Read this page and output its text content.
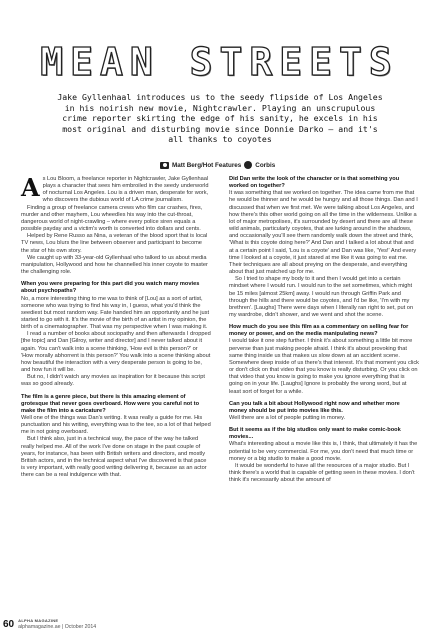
MEAN STREETS
Jake Gyllenhaal introduces us to the seedy flipside of Los Angeles
in his noirish new movie, Nightcrawler. Playing an unscrupulous
crime reporter skirting the edge of his sanity, he excels in his
most original and disturbing movie since Donnie Darko – and it's
all thanks to coyotes
Matt Berg/Hot Features Corbis

As Lou Bloom, a freelance reporter in Nightcrawler, Jake Gyllenhaal plays a character that sees him embroiled in the seedy underworld of nocturnal Los Angeles. Lou is a driven man, desperate for work, who discovers the dubious world of LA crime journalism.

Finding a group of freelance camera crews who film car crashes, fires, murder and other mayhem, Lou wheedles his way into the cut-throat, dangerous world of night-crawling – where every police siren equals a possible payday and a victim's worth is converted into dollars and cents.

Helped by Rene Russo as Nina, a veteran of the blood sport that is local TV news, Lou blurs the line between observer and participant to become the star of his own story.

We caught up with 33-year-old Gyllenhaal who talked to us about media manipulation, Hollywood and how he channelled his inner coyote to master the challenging role.

When you were preparing for this part did you watch many movies about psychopaths?

No, a more interesting thing to me was to think of [Lou] as a sort of artist, someone who was trying to find his way in, I guess, what you'd think the seediest but most random way. Fate handed him an opportunity and he just started to go with it. It's the movie of the birth of an artist in my opinion, the birth of a cinematographer. That was my perspective when I was making it.

I read a number of books about sociopathy and then afterwards I dropped [the topic] and Dan [Gilroy, writer and director] and I never talked about it again. You can't walk into a scene thinking, 'How evil is this person?' or 'How morally abhorrent is this person?' You walk into a scene thinking about how beautiful the interaction with a very desperate person is going to be, and how fun it will be.

But no, I didn't watch any movies as inspiration for it because this script was so good already.

The film is a genre piece, but there is this amazing element of grotesque that never goes overboard. How were you careful not to make the film into a caricature?

Well one of the things was Dan's writing. It was really a guide for me. His punctuation and his writing, everything was to the tee, so a lot of that helped me in not going overboard.

But I think also, just in a technical way, the pace of the way he talked really helped me. All of the work I've done on stage in the past couple of years, for instance, has been with British writers and directors, and mostly British actors, and in the technical aspect what I've discovered is that pace is very important, with really good writing delivering it, because as an actor there can be a real indulgence with that.

Did Dan write the look of the character or is that something you worked on together?

It was something that we worked on together. The idea came from me that he would be thinner and he would be hungry and all those things. Dan and I discussed that when we first met. We were talking about Los Angeles, and how there's this other world going on all the time in the wilderness. Unlike a lot of major metropolises, it's surrounded by desert and there are all these wild animals, particularly coyotes, that are lurking around in the shadows, and occasionally you'll see them randomly walk down the street and think, 'What is this coyote doing here?' And Dan and I talked a lot about that and at a certain point I said, 'Lou is a coyote' and Dan was like, 'Yes!' And every time I looked at a coyote, it just stared at me like it was going to eat me. Their techniques are all about preying on the desperate, and everything about that just matched up for me.

So I tried to shape my body to it and then I would get into a certain mindset where I would run. I would run to the set sometimes, which might be 15 miles [almost 25km] away. I would run through Griffin Park and through the hills and there would be coyotes, and I'd be like, 'I'm with my brethren'. [Laughs] There were days when I literally ran right to set, put on my wardrobe, didn't shower, and we went and shot the scene.

How much do you see this film as a commentary on selling fear for money or power, and on the media manipulating news?

I would take it one step further. I think it's about something a little bit more perverse than just making people afraid. I think it's about provoking that same thing inside us that makes us slow down at an accident scene. Somewhere deep inside of us there's that interest. It's that moment you click or don't click on that video that you know is really disturbing. Or you click on that video that you know is going to make you ignore everything that is going on in your life. [Laughs] Ignore is probably the wrong word, but at least sort of forget for a while.

Can you talk a bit about Hollywood right now and whether more money should be put into movies like this.

Well there are a lot of people putting in money.

But it seems as if the big studios only want to make comic-book movies...

What's interesting about a movie like this is, I think, that ultimately it has the potential to be very commercial. For me, you don't need that much time or money or a big studio to make a good movie.

It would be wonderful to have all the resources of a major studio. But I think there's a world that is capable of getting seen in these movies. I don't think it's necessarily about the amount of

60 ALPHA MAGAZINE
alphamagazine.ae | October 2014
